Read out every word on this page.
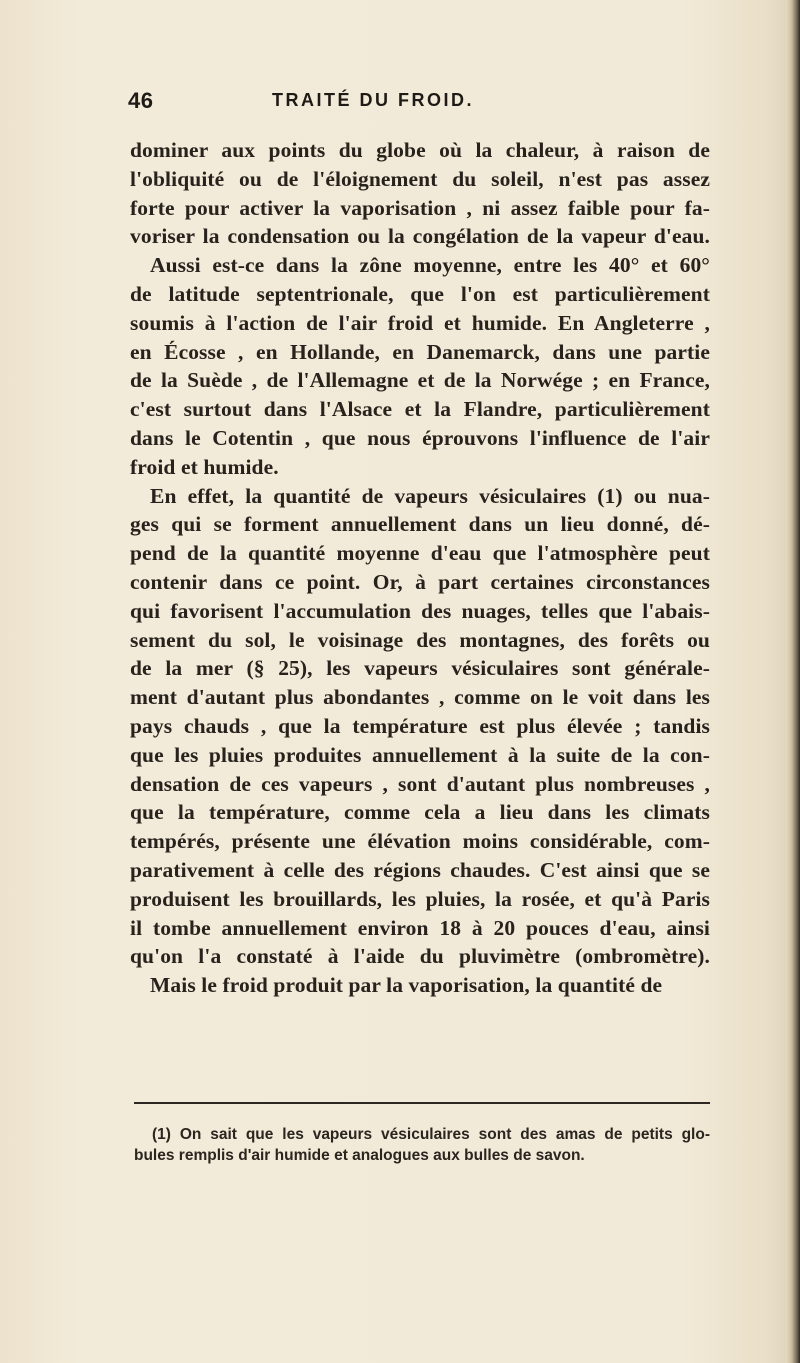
46	TRAITÉ DU FROID.
dominer aux points du globe où la chaleur, à raison de
l'obliquité ou de l'éloignement du soleil, n'est pas assez
forte pour activer la vaporisation , ni assez faible pour fa-
voriser la condensation ou la congélation de la vapeur d'eau.
Aussi est-ce dans la zône moyenne, entre les 40° et 60°
de latitude septentrionale, que l'on est particulièrement
soumis à l'action de l'air froid et humide. En Angleterre ,
en Écosse , en Hollande, en Danemarck, dans une partie
de la Suède , de l'Allemagne et de la Norwége ; en France,
c'est surtout dans l'Alsace et la Flandre, particulièrement
dans le Cotentin , que nous éprouvons l'influence de l'air
froid et humide.
En effet, la quantité de vapeurs vésiculaires (1) ou nua-
ges qui se forment annuellement dans un lieu donné, dé-
pend de la quantité moyenne d'eau que l'atmosphère peut
contenir dans ce point. Or, à part certaines circonstances
qui favorisent l'accumulation des nuages, telles que l'abais-
sement du sol, le voisinage des montagnes, des forêts ou
de la mer (§ 25), les vapeurs vésiculaires sont générale-
ment d'autant plus abondantes , comme on le voit dans les
pays chauds , que la température est plus élevée ; tandis
que les pluies produites annuellement à la suite de la con-
densation de ces vapeurs , sont d'autant plus nombreuses ,
que la température, comme cela a lieu dans les climats
tempérés, présente une élévation moins considérable, com-
parativement à celle des régions chaudes. C'est ainsi que se
produisent les brouillards, les pluies, la rosée, et qu'à Paris
il tombe annuellement environ 18 à 20 pouces d'eau, ainsi
qu'on l'a constaté à l'aide du pluvimètre (ombromètre).
Mais le froid produit par la vaporisation, la quantité de
(1) On sait que les vapeurs vésiculaires sont des amas de petits glo-
bules remplis d'air humide et analogues aux bulles de savon.
